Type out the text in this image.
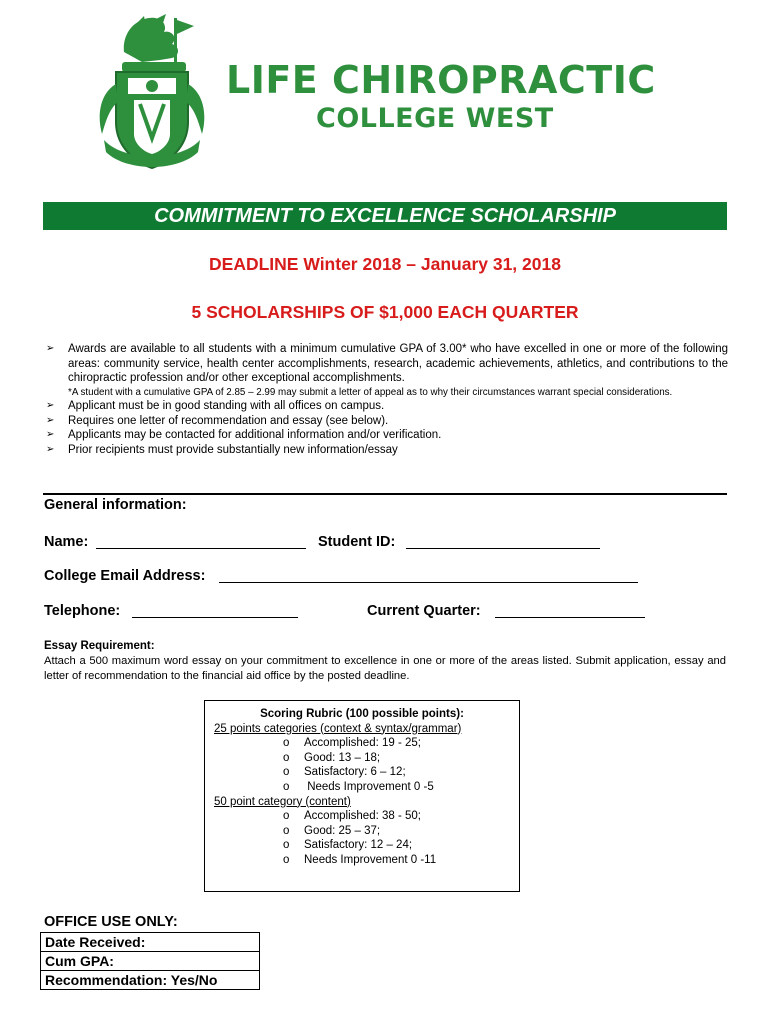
LIFE CHIROPRACTIC
COLLEGE WEST
COMMITMENT TO EXCELLENCE SCHOLARSHIP
DEADLINE Winter 2018 – January 31, 2018
5 SCHOLARSHIPS OF $1,000 EACH QUARTER
➢	Awards are available to all students with a minimum cumulative GPA of 3.00* who have excelled in one or more of the following areas: community service, health center accomplishments, research, academic achievements, athletics, and contributions to the chiropractic profession and/or other exceptional accomplishments.
*A student with a cumulative GPA of 2.85 – 2.99 may submit a letter of appeal as to why their circumstances warrant special considerations.
➢	Applicant must be in good standing with all offices on campus.
➢	Requires one letter of recommendation and essay (see below).
➢	Applicants may be contacted for additional information and/or verification.
➢	Prior recipients must provide substantially new information/essay
General information:
Name:	Student ID:
College Email Address:
Telephone:	Current Quarter:
Essay Requirement:
Attach a 500 maximum word essay on your commitment to excellence in one or more of the areas listed. Submit application, essay and letter of recommendation to the financial aid office by the posted deadline.
Scoring Rubric (100 possible points):
25 points categories (context & syntax/grammar)
o	Accomplished: 19 - 25;
o	Good: 13 – 18;
o	Satisfactory: 6 – 12;
o	Needs Improvement 0 -5
50 point category (content)
o	Accomplished: 38 - 50;
o	Good: 25 – 37;
o	Satisfactory: 12 – 24;
o	Needs Improvement 0 -11
OFFICE USE ONLY:
Date Received:
Cum GPA:
Recommendation: Yes/No
